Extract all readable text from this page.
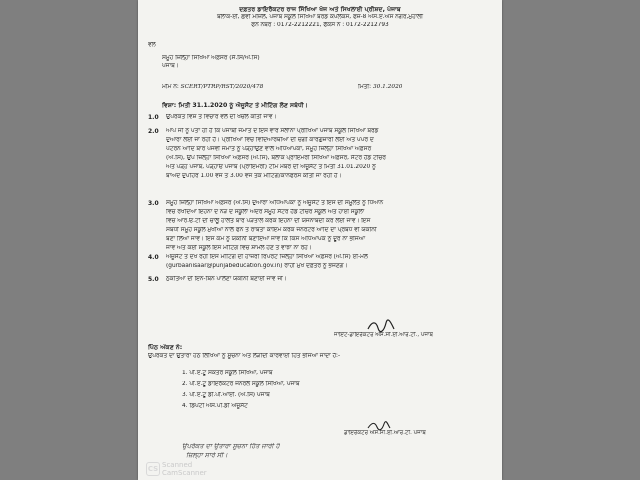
ਦਫ਼ਤਰ ਡਾਇਰੈਕਟਰ ਰਾਜ ਸਿੱਖਿਆ ਖੋਜ ਅਤੇ ਸਿਖਲਾਈ ਪ੍ਰੀਸ਼ਦ, ਪੰਜਾਬ
ਬਲਾਕ-ਈ, ਛੇਵੀਂ ਮੰਜ਼ਿਲ, ਪੰਜਾਬ ਸਕੂਲ ਸਿੱਖਿਆ ਬੋਰਡ ਕੰਪਲੈਕਸ, ਫੇਜ਼-8 ਐਸ.ਏ.ਐਸ ਨਗਰ,ਮੁਹਾਲੀ
ਫੋਨ ਨੰਬਰ : 0172-2212221, ਫੈਕਸ ਨੰ : 0172-2212793
ਵੱਲ
ਸਮੂਹ ਜ਼ਿਲ੍ਹਾ ਸਿੱਖਿਆ ਅਫ਼ਸਰ (ਸੈ.ਸਿੱ/ਐ.ਸਿੱ)
ਪੰਜਾਬ।
ਮੀਮੋ ਨੰ: SCERT/PTRP/RST/2020/478	ਮਿਤੀ: 30.1.2020
ਵਿਸ਼ਾ: ਮਿਤੀ 31.1.2020 ਨੂੰ ਐਜੂਸੈਟ ਤੇ ਮੀਟਿੰਗ ਲੈਣ ਸਬੰਧੀ।
1.0 ਉਪਰੋਕਤ ਵਿਸ਼ੇ ਤੇ ਵਿਚਾਰ ਵੱਲ ਦੀ ਖੇਚਲ ਕੀਤੀ ਜਾਵੇ।
2.0 ਆਪ ਜੀ ਨੂੰ ਪਤਾ ਹੀ ਹੈ ਕਿ ਪੰਜਾਬੀ ਜਮਾਤ ਦੇ ਇਸ ਵਾਰ ਸਲਾਨਾ ਪ੍ਰੀਖਿਆ ਪੰਜਾਬ ਸਕੂਲ ਸਿੱਖਿਆ ਬੋਰਡ
ਦੁਆਰਾ ਲਈ ਜਾ ਰਹੀ ਹੈ। ਪ੍ਰੀਖਿਆ ਵਿੱਚ ਵਿਦਿਆਰਥੀਆਂ ਦੀ ਚੰਗੀ ਕਾਰਗੁਜ਼ਾਰੀ ਲਈ ਅਤੇ ਪੇਪਰ ਦੇ
ਪੈਟਰਨ ਆਦਿ ਬਾਰੇ ਪੰਜਵੀਂ ਜਮਾਤ ਨੂੰ ਪੜ੍ਹਾਉਣ ਵਾਲੇ ਅਧਿਆਪਕਾਂ, ਸਮੂਹ ਜ਼ਿਲ੍ਹਾ ਸਿੱਖਿਆ ਅਫ਼ਸਰ
(ਐ.ਸਿੱ), ਉਪ ਜ਼ਿਲ੍ਹਾ ਸਿੱਖਿਆ ਅਫ਼ਸਰ (ਐ.ਸਿੱ), ਬਲਾਕ ਪ੍ਰਾਇਮਰੀ ਸਿੱਖਿਆ ਅਫ਼ਸਰ, ਸੈਂਟਰ ਹੈੱਡ ਟੀਚਰ
ਅਤੇ ਪੜ੍ਹੋ ਪੰਜਾਬ, ਪੜ੍ਹਾਓ ਪੰਜਾਬ (ਪ੍ਰਾਇਮਰੀ) ਟੀਮ ਮੈਂਬਰ ਦੀ ਐਜੂਸੈਟ ਤੇ ਮਿਤੀ 31.01.2020 ਨੂੰ
ਬਾਅਦ ਦੁਪਹਿਰ 1.00 ਵਜੇ ਤੋਂ 3.00 ਵਜੇ ਤੱਕ ਮੀਟਿੰਗ/ਕਾਨਫਰੰਸ ਕੀਤੀ ਜਾ ਰਹੀ ਹੈ।
3.0 ਸਮੂਹ ਜ਼ਿਲ੍ਹਾ ਸਿੱਖਿਆ ਅਫ਼ਸਰ (ਐ.ਸਿੱ) ਦੁਆਰਾ ਅਧਿਆਪਕਾਂ ਨੂੰ ਐਜੂਸੈਟ ਤੇ ਇਸ ਦੀ ਸਮੂਲਤ ਨੂੰ ਧਿਆਨ
ਵਿੱਚ ਰੱਖਦਿਆਂ ਇਹਨਾਂ ਦੇ ਨੇੜੇ ਦੇ ਸਕੂਲਾਂ ਅੰਦਰ ਸਮੂਹ ਸੈਂਟਰ ਹੈੱਡ ਟੀਚਰ ਸਕੂਲ ਅਤੇ ਹਾਈ ਸਕੂਲਾਂ
ਵਿੱਚ ਆਰ.ਓ.ਟੀ ਦੀ ਚਾਲੂ ਹਾਲਤ ਬਾਰੇ ਪੜਤਾਲ ਕਰਕੇ ਇਹਨਾਂ ਦੀ ਯੋਜਨਾਬੰਦੀ ਕਰ ਲਈ ਜਾਵੇ। ਇਸ
ਸਬੰਧੀ ਸਮੂਹ ਸਕੂਲ ਮੁਖੀਆਂ ਨਾਲ ਫੋਨ ਤੇ ਰਾਬਤਾ ਕਾਇਮ ਕਰਕੇ ਜਨਰੇਟਰ ਆਦਿ ਦਾ ਪ੍ਰਬੰਧ ਵੀ ਯਕੀਨੀ
ਬਣਾ ਲਿਆ ਜਾਵੇ। ਇਸ ਕੰਮ ਨੂੰ ਯਕੀਨੀ ਬਣਾਇਆ ਜਾਵੇ ਕਿ ਕਿਸੇ ਅਧਿਆਪਕ ਨੂੰ ਦੂਰ ਨਾ ਭੇਜਿਆ
ਜਾਵੇ ਅਤੇ ਕੋਈ ਸਕੂਲ ਇਸ ਮੀਟਿੰਗ ਵਿੱਚ ਸ਼ਾਮਲ ਹੋਣ ਤੋਂ ਵਾਂਝਾ ਨਾ ਰਹੇ।
4.0 ਐਜੂਸੈਟ ਤੇ ਦੇਖ ਰਹੀ ਇਸ ਮੀਟਿੰਗ ਦੀ ਹਾਜ਼ਰੀ ਰਿਪੋਰਟ ਜ਼ਿਲ੍ਹਾ ਸਿੱਖਿਆ ਅਫ਼ਸਰ (ਐ.ਸਿੱ) ਈ-ਮੇਲ
(gurbaanisaar@punjabeducation.gov.in) ਰਾਹੀਂ ਮੁੱਖ ਦਫ਼ਤਰ ਨੂੰ ਭੇਜਣਗੇ।
5.0 ਨੁਕਤਿਆਂ ਦੀ ਇੰਨ-ਬਿੰਨ ਪਾਲਣਾ ਯਕੀਨੀ ਬਣਾਈ ਜਾਵੇ ਜੀ।
ਜਾਇੰਟ-ਡਾਇਰੈਕਟਰ ਐਸ.ਸੀ.ਈ.ਆਰ.ਟੀ., ਪੰਜਾਬ
ਪਿੱਠ ਅੰਕਣ ਨੰ:
ਉਪਰੋਕਤ ਦਾ ਉਤਾਰਾ ਹੇਠ ਲਿਖਿਆਂ ਨੂੰ ਸੂਚਨਾ ਅਤੇ ਲੋੜੀਂਦੀ ਕਾਰਵਾਈ ਹਿੱਤ ਭੇਜਿਆ ਜਾਂਦਾ ਹੈ:-
1. ਪੀ.ਏ.ਟੂ ਸਕੱਤਰ ਸਕੂਲ ਸਿੱਖਿਆ, ਪੰਜਾਬ
2. ਪੀ.ਏ.ਟੂ ਡਾਇਰੈਕਟਰ ਜਨਰਲ ਸਕੂਲ ਸਿੱਖਿਆ, ਪੰਜਾਬ
3. ਪੀ.ਏ.ਟੂ ਡੀ.ਪੀ.ਆਈ. (ਐ.ਸਿੱ) ਪੰਜਾਬ
4. ਡਿਪਟੀ ਐਸ.ਪੀ.ਡੀ ਐਜੂਸੈਟ
ਡਾਇਰੈਕਟਰ ਐਸ.ਸੀ.ਈ.ਆਰ.ਟੀ. ਪੰਜਾਬ
ਉਪਰੋਕਤ ਦਾ ਉਤਾਰਾ ਸੂਚਨਾ ਹਿੱਤ ਜਾਰੀ ਹੈ
ਜ਼ਿਲ੍ਹਾ ਸਾਰੇ ਸੀ।
CS Scanned
CamScanner
